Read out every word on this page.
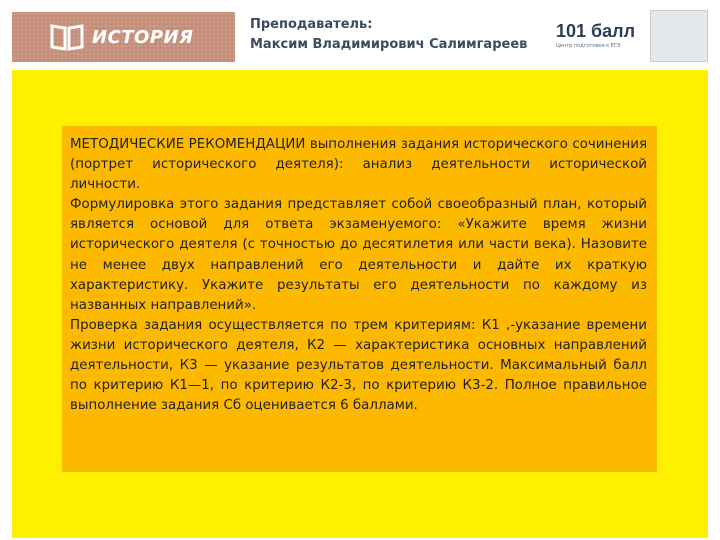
ИСТОРИЯ
Преподаватель:
Максим Владимирович Салимгареев
101 балл
Центр подготовки к ЕГЭ

МЕТОДИЧЕСКИЕ РЕКОМЕНДАЦИИ выполнения задания исторического сочинения (портрет исторического деятеля): анализ деятельности исторической личности.

Формулировка этого задания представляет собой своеобразный план, который является основой для ответа экзаменуемого: «Укажите время жизни исторического деятеля (с точностью до десятилетия или части века). Назовите не менее двух направлений его деятельности и дайте их краткую характеристику. Укажите результаты его деятельности по каждому из названных направлений».

Проверка задания осуществляется по трем критериям: К1 ,-указание времени жизни исторического деятеля, К2 — характеристика основных направлений деятельности, К3 — указание результатов деятельности. Максимальный балл по критерию К1—1, по критерию К2-3, по критерию К3-2. Полное правильное выполнение задания Сб оценивается 6 баллами.
